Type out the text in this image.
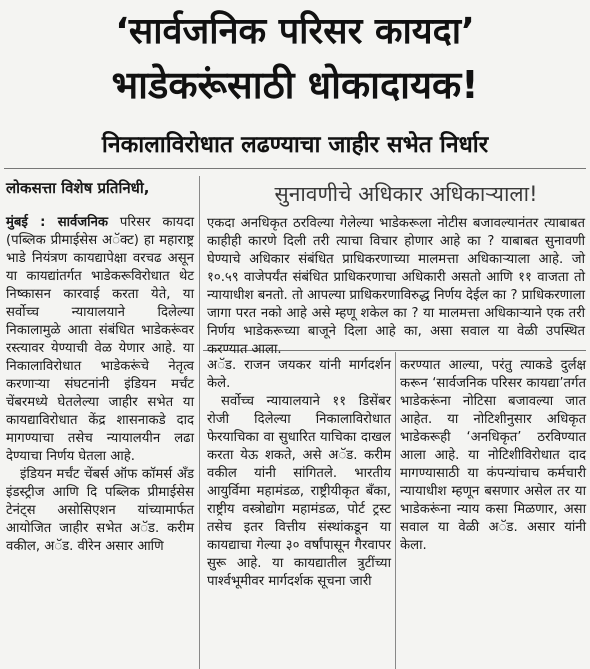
‘सार्वजनिक परिसर कायदा’
भाडेकरूंसाठी धोकादायक!
निकालाविरोधात लढण्याचा जाहीर सभेत निर्धार
लोकसत्ता विशेष प्रतिनिधी,	सुनावणीचे अधिकार अधिकाऱ्याला!

मुंबई : सार्वजनिक परिसर कायदा (पब्लिक प्रीमाईसेस अॅक्ट) हा महाराष्ट्र भाडे नियंत्रण कायद्यापेक्षा वरचढ असून या कायद्यांतर्गत भाडेकरूविरोधात थेट निष्कासन कारवाई करता येते, या सर्वोच्च न्यायालयाने दिलेल्या निकालामुळे आता संबंधित भाडेकरूंवर रस्त्यावर येण्याची वेळ येणार आहे. या निकालाविरोधात भाडेकरूंचे नेतृत्व करणाऱ्या संघटनांनी इंडियन मर्चंट चेंबरमध्ये घेतलेल्या जाहीर सभेत या कायद्याविरोधात केंद्र शासनाकडे दाद मागण्याचा तसेच न्यायालयीन लढा देण्याचा निर्णय घेतला आहे.

इंडियन मर्चंट चेंबर्स ऑफ कॉमर्स अँड इंडस्ट्रीज आणि दि पब्लिक प्रीमाईसेस टेनंट्स असोसिएशन यांच्यामार्फत आयोजित जाहीर सभेत अॅड. करीम वकील, अॅड. वीरेन असार आणि

एकदा अनधिकृत ठरविल्या गेलेल्या भाडेकरूला नोटीस बजावल्यानंतर त्याबाबत काहीही कारणे दिली तरी त्याचा विचार होणार आहे का ? याबाबत सुनावणी घेण्याचे अधिकार संबंधित प्राधिकरणाच्या मालमत्ता अधिकाऱ्याला आहे. जो १०.५९ वाजेपर्यंत संबंधित प्राधिकरणाचा अधिकारी असतो आणि ११ वाजता तो न्यायाधीश बनतो. तो आपल्या प्राधिकरणाविरुद्ध निर्णय देईल का ? प्राधिकरणाला जागा परत नको आहे असे म्हणू शकेल का ? या मालमत्ता अधिकाऱ्याने एक तरी निर्णय भाडेकरूच्या बाजूने दिला आहे का, असा सवाल या वेळी उपस्थित करण्यात आला.

अॅड. राजन जयकर यांनी मार्गदर्शन केले.

सर्वोच्च न्यायालयाने ११ डिसेंबर रोजी दिलेल्या निकालाविरोधात फेरयाचिका वा सुधारित याचिका दाखल करता येऊ शकते, असे अॅड. करीम वकील यांनी सांगितले. भारतीय आयुर्विमा महामंडळ, राष्ट्रीयीकृत बँका, राष्ट्रीय वस्त्रोद्योग महामंडळ, पोर्ट ट्रस्ट तसेच इतर वित्तीय संस्थांकडून या कायद्याचा गेल्या ३० वर्षांपासून गैरवापर सुरू आहे. या कायद्यातील त्रुटींच्या पार्श्वभूमीवर मार्गदर्शक सूचना जारी

करण्यात आल्या, परंतु त्याकडे दुर्लक्ष करून ‘सार्वजनिक परिसर कायद्या’तर्गत भाडेकरूंना नोटिसा बजावल्या जात आहेत. या नोटिशीनुसार अधिकृत भाडेकरूही ‘अनधिकृत’ ठरविण्यात आला आहे. या नोटिशीविरोधात दाद मागण्यासाठी या कंपन्यांचाच कर्मचारी न्यायाधीश म्हणून बसणार असेल तर या भाडेकरूंना न्याय कसा मिळणार, असा सवाल या वेळी अॅड. असार यांनी केला.
